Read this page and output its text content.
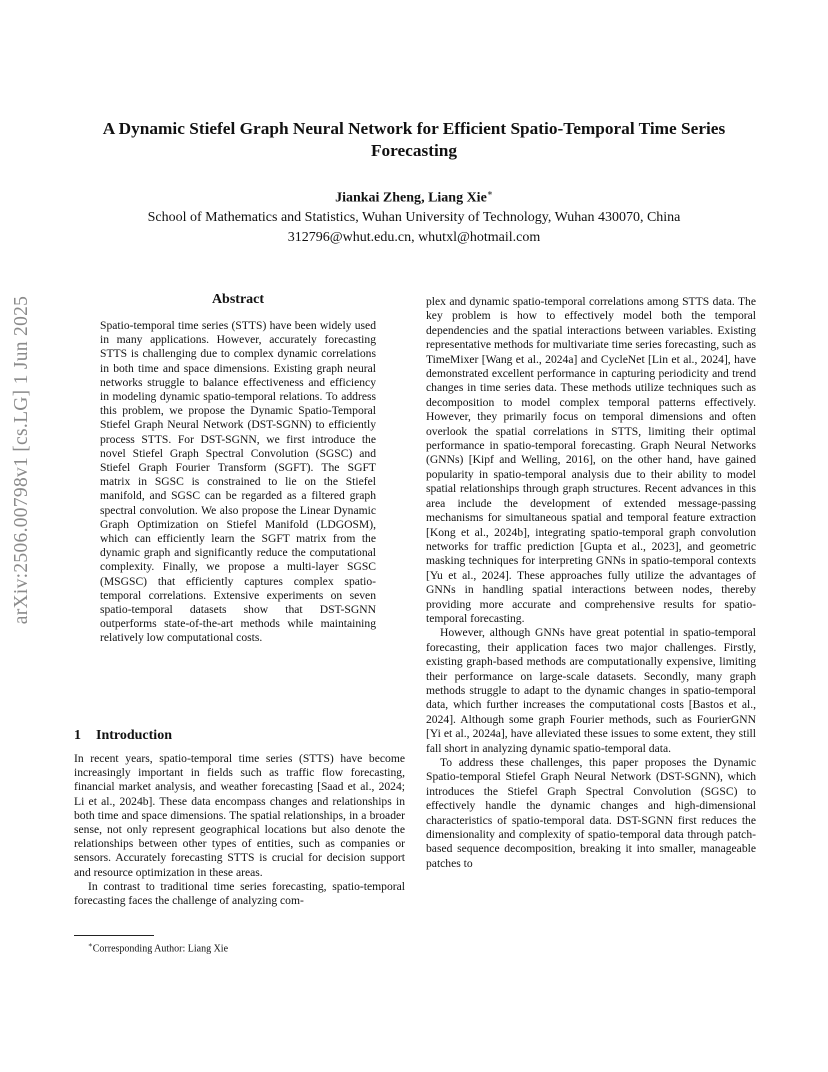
A Dynamic Stiefel Graph Neural Network for Efficient Spatio-Temporal Time Series Forecasting
Jiankai Zheng, Liang Xie∗
School of Mathematics and Statistics, Wuhan University of Technology, Wuhan 430070, China
312796@whut.edu.cn, whutxl@hotmail.com
arXiv:2506.00798v1 [cs.LG] 1 Jun 2025	Abstract

Spatio-temporal time series (STTS) have been widely used in many applications. However, accurately forecasting STTS is challenging due to complex dynamic correlations in both time and space dimensions. Existing graph neural networks struggle to balance effectiveness and efficiency in modeling dynamic spatio-temporal relations. To address this problem, we propose the Dynamic Spatio-Temporal Stiefel Graph Neural Network (DST-SGNN) to efficiently process STTS. For DST-SGNN, we first introduce the novel Stiefel Graph Spectral Convolution (SGSC) and Stiefel Graph Fourier Transform (SGFT). The SGFT matrix in SGSC is constrained to lie on the Stiefel manifold, and SGSC can be regarded as a filtered graph spectral convolution. We also propose the Linear Dynamic Graph Optimization on Stiefel Manifold (LDGOSM), which can efficiently learn the SGFT matrix from the dynamic graph and significantly reduce the computational complexity. Finally, we propose a multi-layer SGSC (MSGSC) that efficiently captures complex spatio-temporal correlations. Extensive experiments on seven spatio-temporal datasets show that DST-SGNN outperforms state-of-the-art methods while maintaining relatively low computational costs.

1 Introduction

In recent years, spatio-temporal time series (STTS) have become increasingly important in fields such as traffic flow forecasting, financial market analysis, and weather forecasting [Saad et al., 2024; Li et al., 2024b]. These data encompass changes and relationships in both time and space dimensions. The spatial relationships, in a broader sense, not only represent geographical locations but also denote the relationships between other types of entities, such as companies or sensors. Accurately forecasting STTS is crucial for decision support and resource optimization in these areas.

In contrast to traditional time series forecasting, spatio-temporal forecasting faces the challenge of analyzing com-

∗Corresponding Author: Liang Xie

plex and dynamic spatio-temporal correlations among STTS data. The key problem is how to effectively model both the temporal dependencies and the spatial interactions between variables. Existing representative methods for multivariate time series forecasting, such as TimeMixer [Wang et al., 2024a] and CycleNet [Lin et al., 2024], have demonstrated excellent performance in capturing periodicity and trend changes in time series data. These methods utilize techniques such as decomposition to model complex temporal patterns effectively. However, they primarily focus on temporal dimensions and often overlook the spatial correlations in STTS, limiting their optimal performance in spatio-temporal forecasting. Graph Neural Networks (GNNs) [Kipf and Welling, 2016], on the other hand, have gained popularity in spatio-temporal analysis due to their ability to model spatial relationships through graph structures. Recent advances in this area include the development of extended message-passing mechanisms for simultaneous spatial and temporal feature extraction [Kong et al., 2024b], integrating spatio-temporal graph convolution networks for traffic prediction [Gupta et al., 2023], and geometric masking techniques for interpreting GNNs in spatio-temporal contexts [Yu et al., 2024]. These approaches fully utilize the advantages of GNNs in handling spatial interactions between nodes, thereby providing more accurate and comprehensive results for spatio-temporal forecasting.

However, although GNNs have great potential in spatio-temporal forecasting, their application faces two major challenges. Firstly, existing graph-based methods are computationally expensive, limiting their performance on large-scale datasets. Secondly, many graph methods struggle to adapt to the dynamic changes in spatio-temporal data, which further increases the computational costs [Bastos et al., 2024]. Although some graph Fourier methods, such as FourierGNN [Yi et al., 2024a], have alleviated these issues to some extent, they still fall short in analyzing dynamic spatio-temporal data.

To address these challenges, this paper proposes the Dynamic Spatio-temporal Stiefel Graph Neural Network (DST-SGNN), which introduces the Stiefel Graph Spectral Convolution (SGSC) to effectively handle the dynamic changes and high-dimensional characteristics of spatio-temporal data. DST-SGNN first reduces the dimensionality and complexity of spatio-temporal data through patch-based sequence decomposition, breaking it into smaller, manageable patches to
